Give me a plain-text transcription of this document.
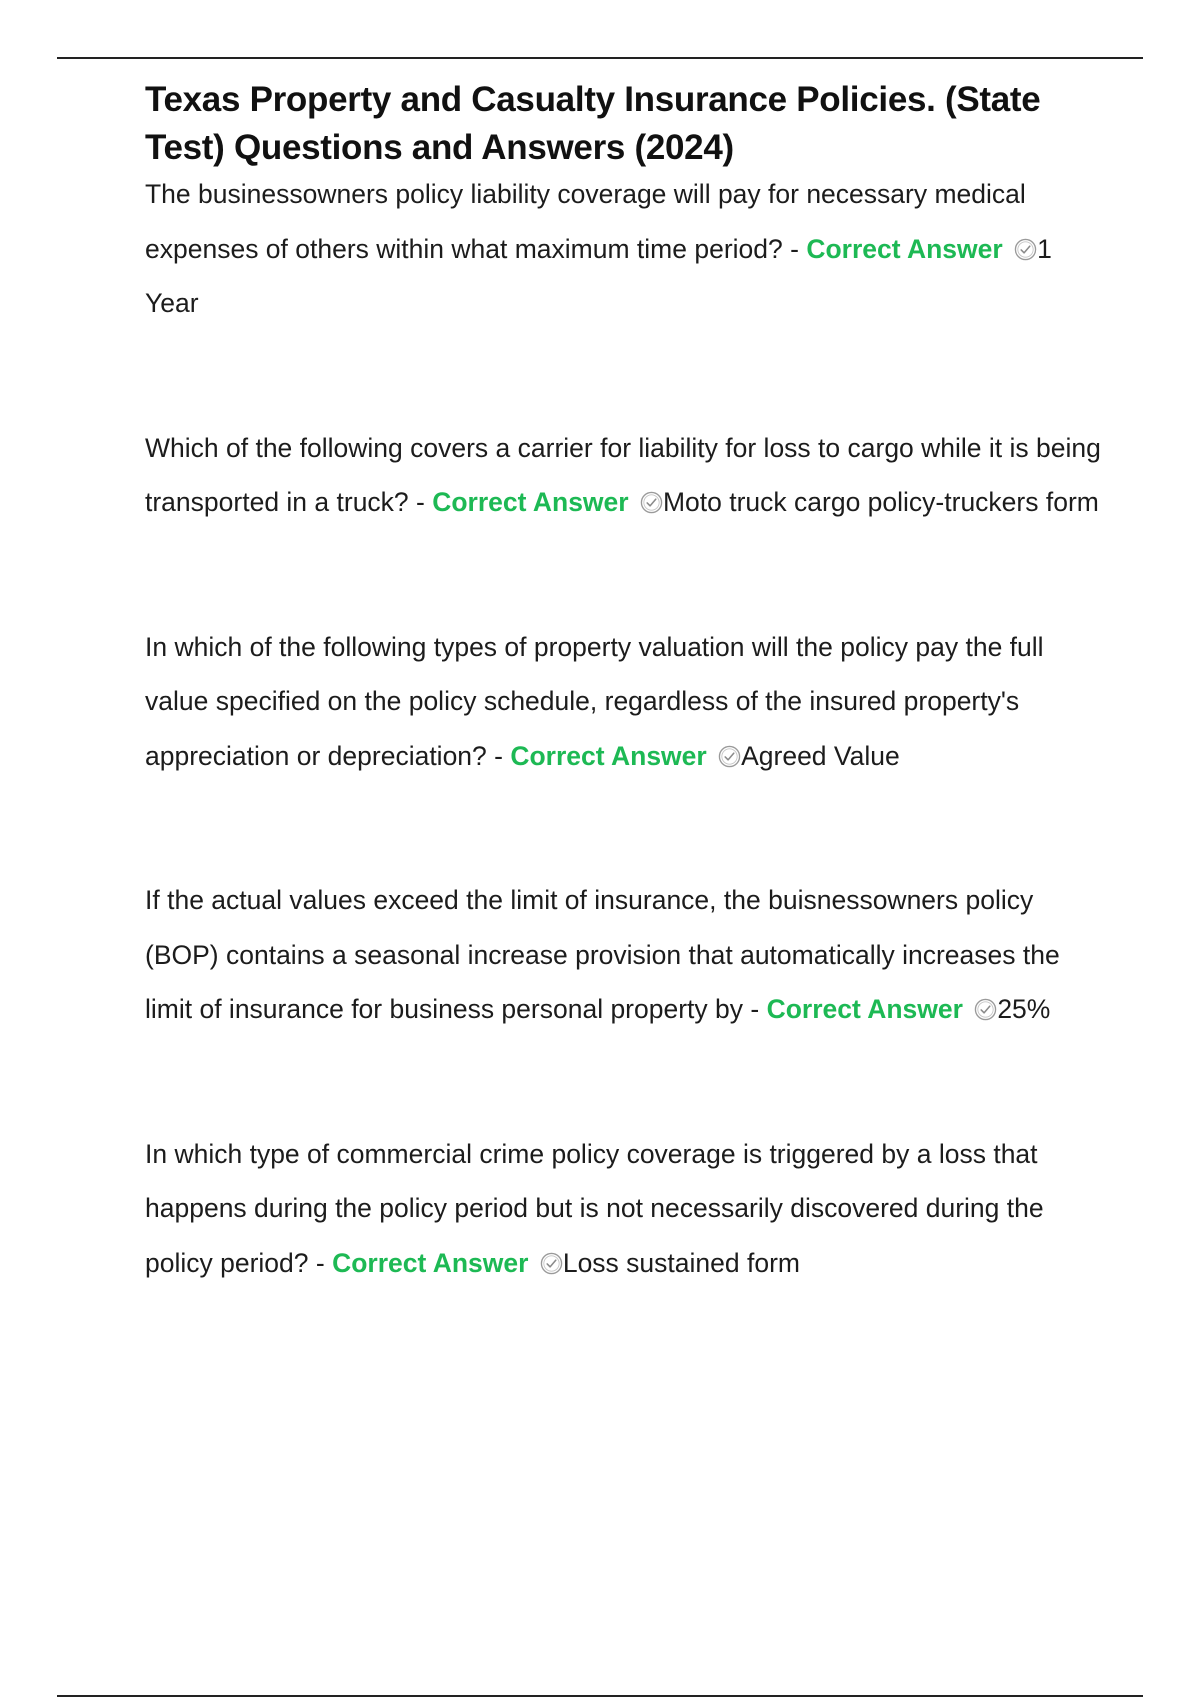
Texas Property and Casualty Insurance Policies. (State Test) Questions and Answers (2024)

The businessowners policy liability coverage will pay for necessary medical expenses of others within what maximum time period? - Correct Answer 1 Year

Which of the following covers a carrier for liability for loss to cargo while it is being transported in a truck? - Correct Answer Moto truck cargo policy-truckers form

In which of the following types of property valuation will the policy pay the full value specified on the policy schedule, regardless of the insured property's appreciation or depreciation? - Correct Answer Agreed Value

If the actual values exceed the limit of insurance, the buisnessowners policy (BOP) contains a seasonal increase provision that automatically increases the limit of insurance for business personal property by - Correct Answer 25%

In which type of commercial crime policy coverage is triggered by a loss that happens during the policy period but is not necessarily discovered during the policy period? - Correct Answer Loss sustained form
